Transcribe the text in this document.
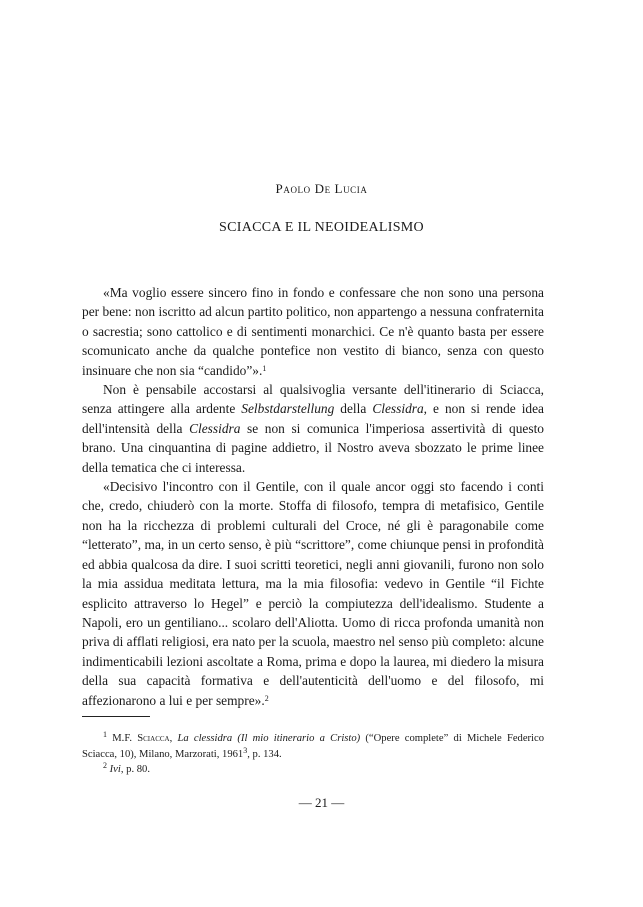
Paolo De Lucia
SCIACCA E IL NEOIDEALISMO

«Ma voglio essere sincero fino in fondo e confessare che non sono una persona per bene: non iscritto ad alcun partito politico, non appartengo a nessuna confraternita o sacrestia; sono cattolico e di sentimenti monarchici. Ce n'è quanto basta per essere scomunicato anche da qualche pontefice non vestito di bianco, senza con questo insinuare che non sia “candido”».$^1$

Non è pensabile accostarsi al qualsivoglia versante dell'itinerario di Sciacca, senza attingere alla ardente Selbstdarstellung della Clessidra, e non si rende idea dell'intensità della Clessidra se non si comunica l'imperiosa assertività di questo brano. Una cinquantina di pagine addietro, il Nostro aveva sbozzato le prime linee della tematica che ci interessa.

«Decisivo l'incontro con il Gentile, con il quale ancor oggi sto facendo i conti che, credo, chiuderò con la morte. Stoffa di filosofo, tempra di metafisico, Gentile non ha la ricchezza di problemi culturali del Croce, né gli è paragonabile come “letterato”, ma, in un certo senso, è più “scrittore”, come chiunque pensi in profondità ed abbia qualcosa da dire. I suoi scritti teoretici, negli anni giovanili, furono non solo la mia assidua meditata lettura, ma la mia filosofia: vedevo in Gentile “il Fichte esplicito attraverso lo Hegel” e perciò la compiutezza dell'idealismo. Studente a Napoli, ero un gentiliano... scolaro dell'Aliotta. Uomo di ricca profonda umanità non priva di afflati religiosi, era nato per la scuola, maestro nel senso più completo: alcune indimenticabili lezioni ascoltate a Roma, prima e dopo la laurea, mi diedero la misura della sua capacità formativa e dell'autenticità dell'uomo e del filosofo, mi affezionarono a lui e per sempre».$^2$

$^1$ M.F. Sciacca, La clessidra (Il mio itinerario a Cristo) (“Opere complete” di Michele Federico Sciacca, 10), Milano, Marzorati, 1961$^3$, p. 134.

$^2$ Ivi, p. 80.

— 21 —
